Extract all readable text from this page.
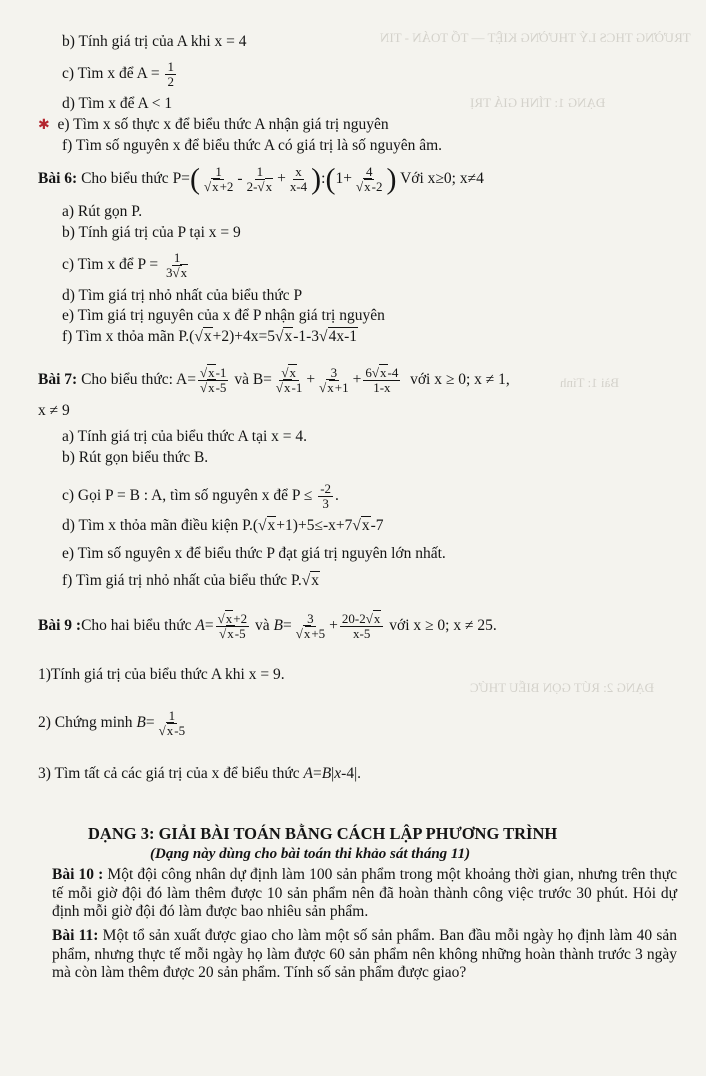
TRƯỜNG THCS LÝ THƯỜNG KIỆT — TỔ TOÁN - TIN
ĐẠNG 1: TÍNH GIÁ TRỊ
Bài 1: Tính
ĐẠNG 2: RÚT GỌN BIỂU THỨC
b) Tính giá trị của A khi x = 4
c) Tìm x để $A = \frac{1}{2}$
d) Tìm x để A < 1
✱ e) Tìm x số thực x để biểu thức A nhận giá trị nguyên
f) Tìm số nguyên x để biểu thức A có giá trị là số nguyên âm.
Bài 6: Cho biểu thức $P=( \frac{1}{√x+2} - \frac{1}{2-√x} + \frac{x}{x-4}$ ):(1+ $\frac{4}{√x-2}$ ) Với x≥0; x≠4
a) Rút gọn P.
b) Tính giá trị của P tại x = 9
c) Tìm x để $P = \frac{1}{3√x}$
d) Tìm giá trị nhỏ nhất của biểu thức P
e) Tìm giá trị nguyên của x để P nhận giá trị nguyên
f) Tìm x thỏa mãn P.(√x+2)+4x=5√x-1-3√4x-1
Bài 7: Cho biểu thức: $A= \frac{√x-1}{√x-5}$ và $B= \frac{√x}{√x-1} + \frac{3}{√x+1} + \frac{6√x-4}{1-x}$ với x ≥ 0; x ≠ 1,
x ≠ 9
a) Tính giá trị của biểu thức A tại x = 4.
b) Rút gọn biểu thức B.
c) Gọi P = B : A, tìm số nguyên x để $P \le \frac{-2}{3}$ .
d) Tìm x thỏa mãn điều kiện P.(√x+1)+5≤-x+7√x-7
e) Tìm số nguyên x để biểu thức P đạt giá trị nguyên lớn nhất.
f) Tìm giá trị nhỏ nhất của biểu thức P.√x
Bài 9 :Cho hai biểu thức $A= \frac{√x+2}{√x-5}$ và $B= \frac{3}{√x+5} + \frac{20-2√x}{x-5}$ với x ≥ 0; x ≠ 25.
1)Tính giá trị của biểu thức A khi x = 9.
2) Chứng minh $B= \frac{1}{√x-5}$
3) Tìm tất cả các giá trị của x để biểu thức A=B|x-4|.
DẠNG 3: GIẢI BÀI TOÁN BẰNG CÁCH LẬP PHƯƠNG TRÌNH
(Dạng này dùng cho bài toán thi khảo sát tháng 11)
Bài 10 : Một đội công nhân dự định làm 100 sản phẩm trong một khoảng thời gian, nhưng trên thực tế mỗi giờ đội đó làm thêm được 10 sản phẩm nên đã hoàn thành công việc trước 30 phút. Hỏi dự định mỗi giờ đội đó làm được bao nhiêu sản phẩm.
Bài 11: Một tổ sản xuất được giao cho làm một số sản phẩm. Ban đầu mỗi ngày họ định làm 40 sản phẩm, nhưng thực tế mỗi ngày họ làm được 60 sản phẩm nên không những hoàn thành trước 3 ngày mà còn làm thêm được 20 sản phẩm. Tính số sản phẩm được giao?
